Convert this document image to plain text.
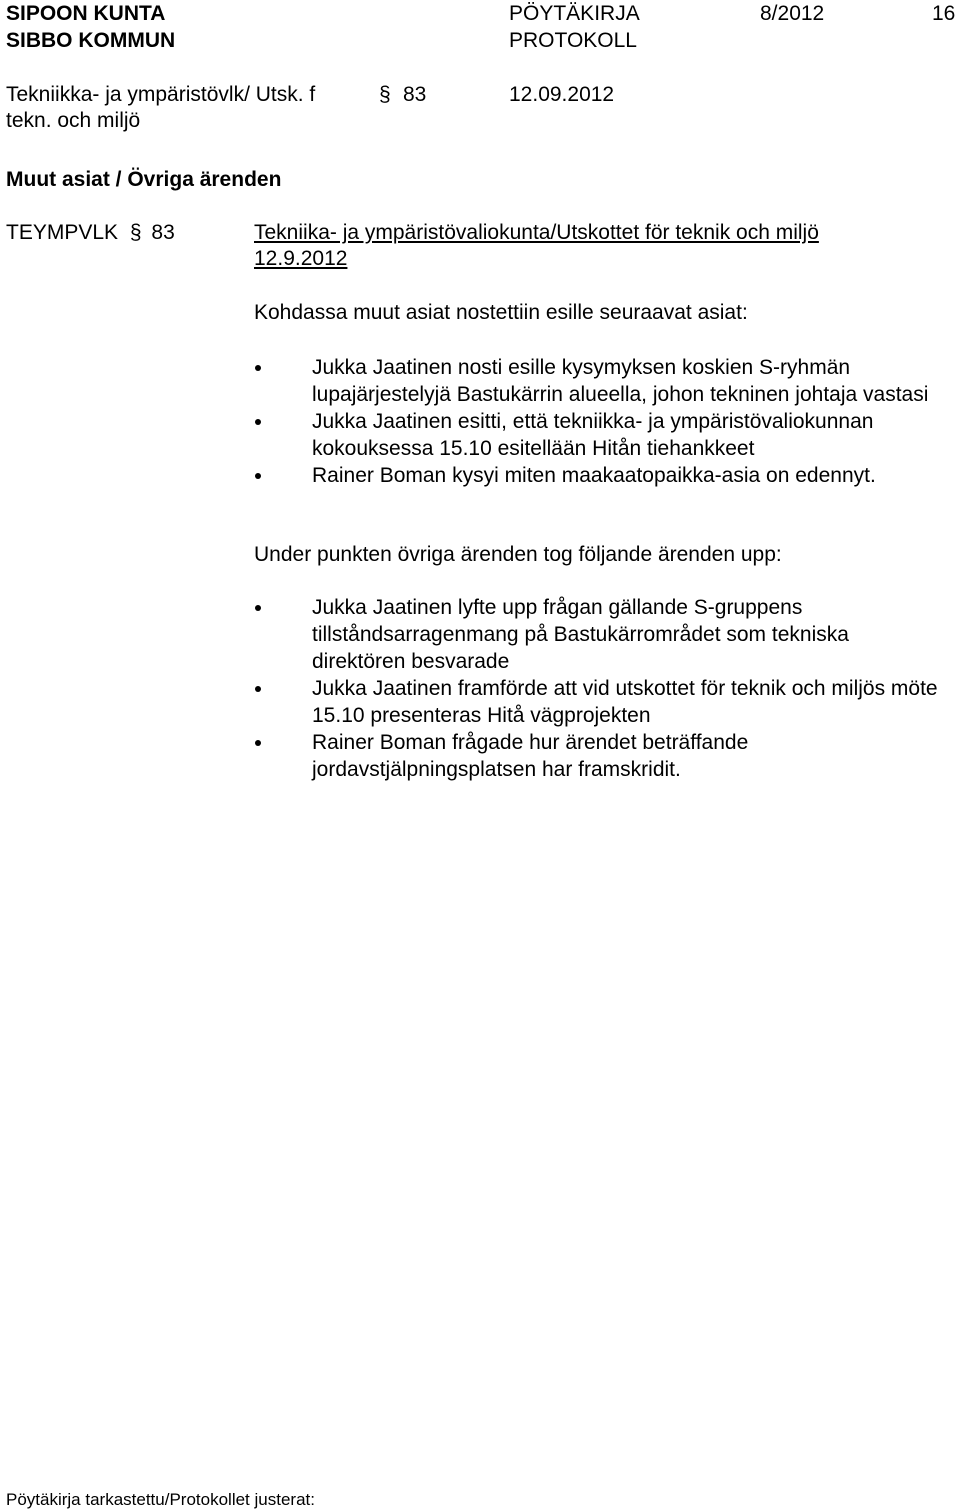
SIPOON KUNTA
SIBBO KOMMUN
PÖYTÄKIRJA
PROTOKOLL
8/2012	16
Tekniikka- ja ympäristövlk/ Utsk. f
tekn. och miljö
§ 83	12.09.2012
Muut asiat / Övriga ärenden
TEYMPVLK § 83	Tekniika- ja ympäristövaliokunta/Utskottet för teknik och miljö
12.9.2012
Kohdassa muut asiat nostettiin esille seuraavat asiat:
Jukka Jaatinen nosti esille kysymyksen koskien S-ryhmän lupajärjestelyjä Bastukärrin alueella, johon tekninen johtaja vastasi
Jukka Jaatinen esitti, että tekniikka- ja ympäristövaliokunnan kokouksessa 15.10 esitellään Hitån tiehankkeet
Rainer Boman kysyi miten maakaatopaikka-asia on edennyt.
Under punkten övriga ärenden tog följande ärenden upp:
Jukka Jaatinen lyfte upp frågan gällande S-gruppens tillståndsarragenmang på Bastukärrområdet som tekniska direktören besvarade
Jukka Jaatinen framförde att vid utskottet för teknik och miljös möte 15.10 presenteras Hitå vägprojekten
Rainer Boman frågade hur ärendet beträffande jordavstjälpningsplatsen har framskridit.
Pöytäkirja tarkastettu/Protokollet justerat:
